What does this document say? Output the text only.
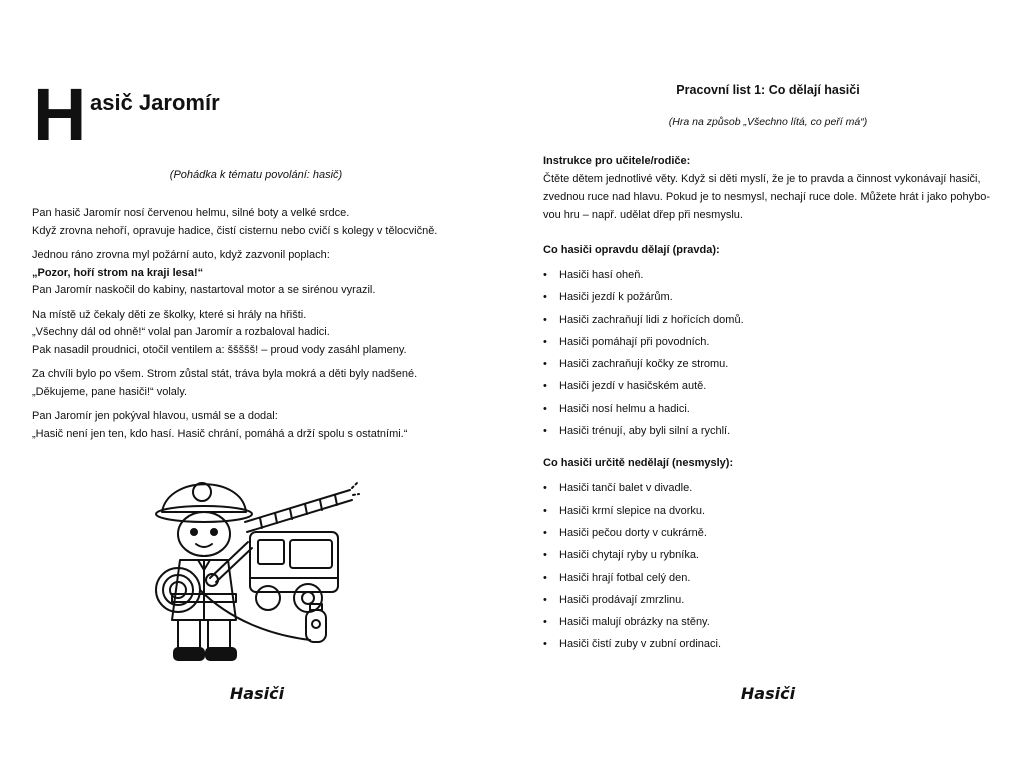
H asič Jaromír
(Pohádka k tématu povolání: hasič)

Pan hasič Jaromír nosí červenou helmu, silné boty a velké srdce.
Když zrovna nehoří, opravuje hadice, čistí cisternu nebo cvičí s kolegy v tělocvičně.

Jednou ráno zrovna myl požární auto, když zazvonil poplach:
„Pozor, hoří strom na kraji lesa!“
Pan Jaromír naskočil do kabiny, nastartoval motor a se sirénou vyrazil.

Na místě už čekaly děti ze školky, které si hrály na hřišti.
„Všechny dál od ohně!“ volal pan Jaromír a rozbaloval hadici.
Pak nasadil proudnici, otočil ventilem a: ššššš! – proud vody zasáhl plameny.

Za chvíli bylo po všem. Strom zůstal stát, tráva byla mokrá a děti byly nadšené.
„Děkujeme, pane hasiči!“ volaly.

Pan Jaromír jen pokýval hlavou, usmál se a dodal:
„Hasič není jen ten, kdo hasí. Hasič chrání, pomáhá a drží spolu s ostatními.“

Hasiči
Pracovní list 1: Co dělají hasiči
(Hra na způsob „Všechno lítá, co peří má“)
Instrukce pro učitele/rodiče:
Čtěte dětem jednotlivé věty. Když si děti myslí, že je to pravda a činnost vykonávají hasiči,
zvednou ruce nad hlavu. Pokud je to nesmysl, nechají ruce dole. Můžete hrát i jako pohybo-
vou hru – např. udělat dřep při nesmyslu.
Co hasiči opravdu dělají (pravda):
• Hasiči hasí oheň.
• Hasiči jezdí k požárům.
• Hasiči zachraňují lidi z hořících domů.
• Hasiči pomáhají při povodních.
• Hasiči zachraňují kočky ze stromu.
• Hasiči jezdí v hasičském autě.
• Hasiči nosí helmu a hadici.
• Hasiči trénují, aby byli silní a rychlí.
Co hasiči určitě nedělají (nesmysly):
• Hasiči tančí balet v divadle.
• Hasiči krmí slepice na dvorku.
• Hasiči pečou dorty v cukrárně.
• Hasiči chytají ryby u rybníka.
• Hasiči hrají fotbal celý den.
• Hasiči prodávají zmrzlinu.
• Hasiči malují obrázky na stěny.
• Hasiči čistí zuby v zubní ordinaci.
Hasiči
